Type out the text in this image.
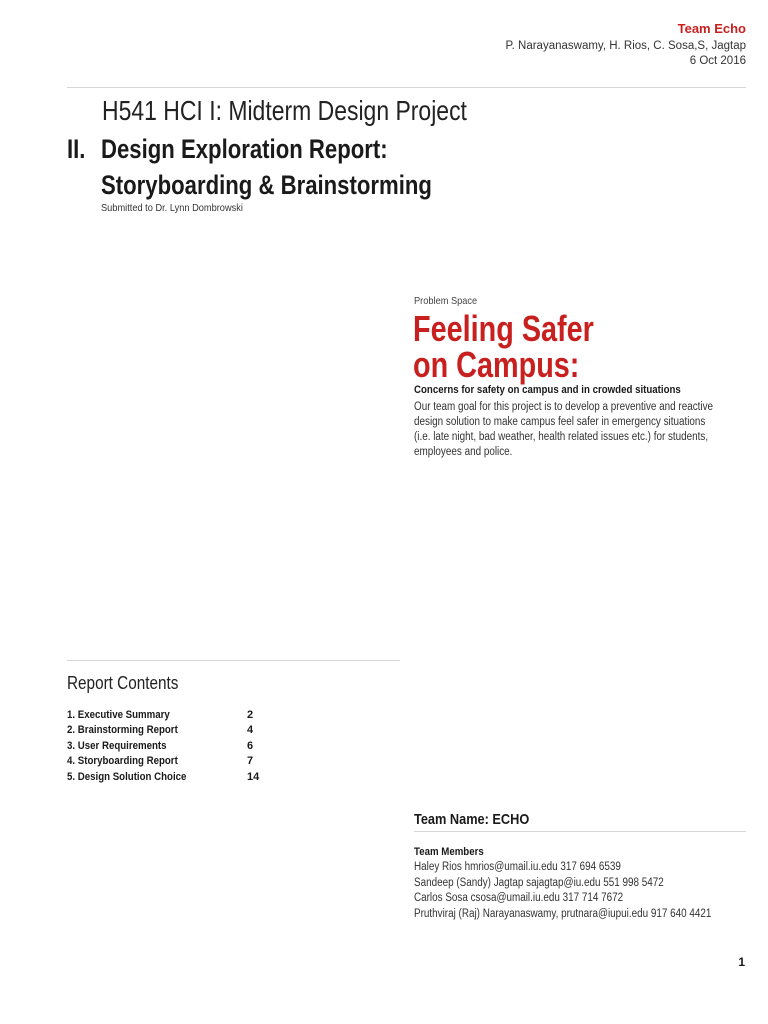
Team Echo
P. Narayanaswamy, H. Rios, C. Sosa,S, Jagtap
6 Oct 2016
H541 HCI I: Midterm Design Project
II. Design Exploration Report:
Storyboarding & Brainstorming
Submitted to Dr. Lynn Dombrowski
Problem Space
Feeling Safer
on Campus:
Concerns for safety on campus and in crowded situations
Our team goal for this project is to develop a preventive and reactive
design solution to make campus feel safer in emergency situations
(i.e. late night, bad weather, health related issues etc.) for students,
employees and police.
Report Contents
1. Executive Summary	2
2. Brainstorming Report	4
3. User Requirements	6
4. Storyboarding Report	7
5. Design Solution Choice	14
Team Name: ECHO
Team Members
Haley Rios hmrios@umail.iu.edu 317 694 6539
Sandeep (Sandy) Jagtap sajagtap@iu.edu 551 998 5472
Carlos Sosa csosa@umail.iu.edu 317 714 7672
Pruthviraj (Raj) Narayanaswamy, prutnara@iupui.edu 917 640 4421
1
